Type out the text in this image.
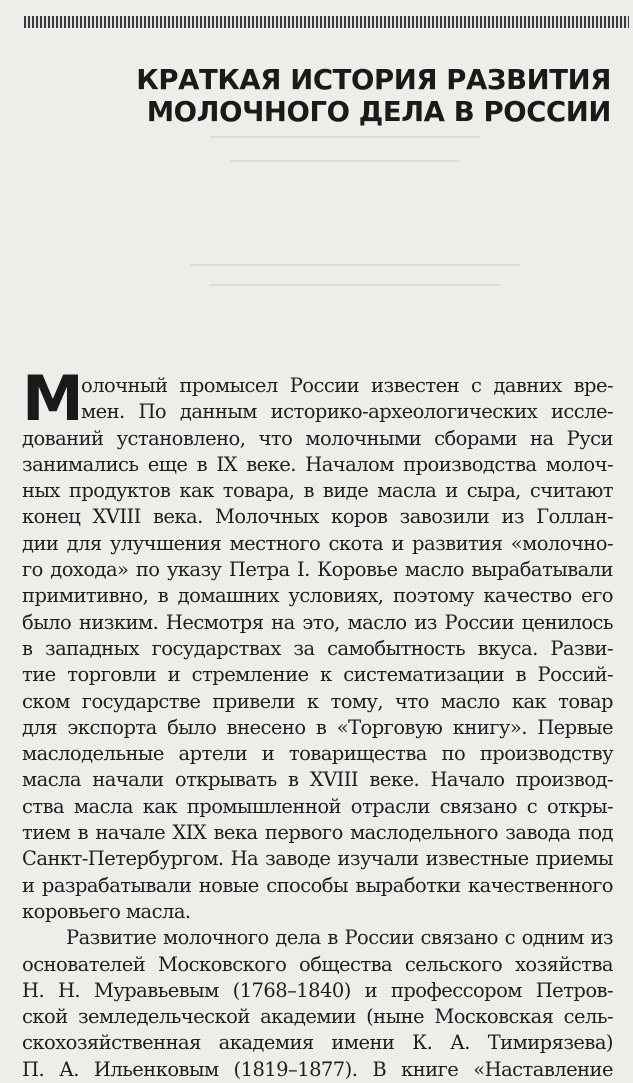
КРАТКАЯ ИСТОРИЯ РАЗВИТИЯ
МОЛОЧНОГО ДЕЛА В РОССИИ
М
олочный промысел России известен с давних вре-
мен. По данным историко-археологических иссле-
дований установлено, что молочными сборами на Руси
занимались еще в IX веке. Началом производства молоч-
ных продуктов как товара, в виде масла и сыра, считают
конец XVIII века. Молочных коров завозили из Голлан-
дии для улучшения местного скота и развития «молочно-
го дохода» по указу Петра I. Коровье масло вырабатывали
примитивно, в домашних условиях, поэтому качество его
было низким. Несмотря на это, масло из России ценилось
в западных государствах за самобытность вкуса. Разви-
тие торговли и стремление к систематизации в Россий-
ском государстве привели к тому, что масло как товар
для экспорта было внесено в «Торговую книгу». Первые
маслодельные артели и товарищества по производству
масла начали открывать в XVIII веке. Начало производ-
ства масла как промышленной отрасли связано с откры-
тием в начале XIX века первого маслодельного завода под
Санкт-Петербургом. На заводе изучали известные приемы
и разрабатывали новые способы выработки качественного
коровьего масла.
Развитие молочного дела в России связано с одним из
основателей Московского общества сельского хозяйства
Н. Н. Муравьевым (1768–1840) и профессором Петров-
ской земледельческой академии (ныне Московская сель-
скохозяйственная академия имени К. А. Тимирязева)
П. А. Ильенковым (1819–1877). В книге «Наставление
